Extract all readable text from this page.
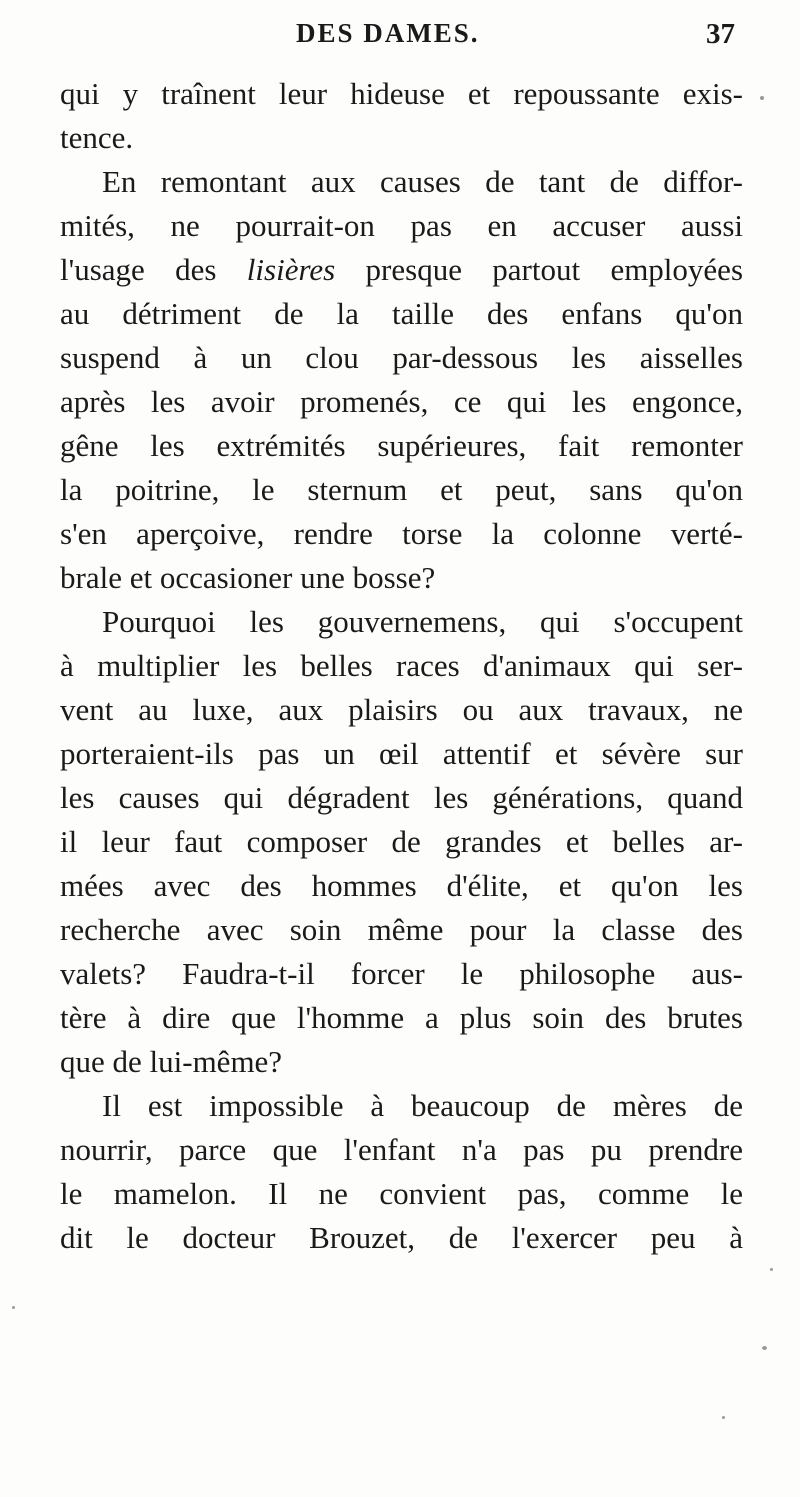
DES DAMES.	37
qui y traînent leur hideuse et repoussante exis-
tence.
En remontant aux causes de tant de diffor-
mités, ne pourrait-on pas en accuser aussi
l'usage des lisières presque partout employées
au détriment de la taille des enfans qu'on
suspend à un clou par-dessous les aisselles
après les avoir promenés, ce qui les engonce,
gêne les extrémités supérieures, fait remonter
la poitrine, le sternum et peut, sans qu'on
s'en aperçoive, rendre torse la colonne verté-
brale et occasioner une bosse?
Pourquoi les gouvernemens, qui s'occupent
à multiplier les belles races d'animaux qui ser-
vent au luxe, aux plaisirs ou aux travaux, ne
porteraient-ils pas un œil attentif et sévère sur
les causes qui dégradent les générations, quand
il leur faut composer de grandes et belles ar-
mées avec des hommes d'élite, et qu'on les
recherche avec soin même pour la classe des
valets? Faudra-t-il forcer le philosophe aus-
tère à dire que l'homme a plus soin des brutes
que de lui-même?
Il est impossible à beaucoup de mères de
nourrir, parce que l'enfant n'a pas pu prendre
le mamelon. Il ne convient pas, comme le
dit le docteur Brouzet, de l'exercer peu à
